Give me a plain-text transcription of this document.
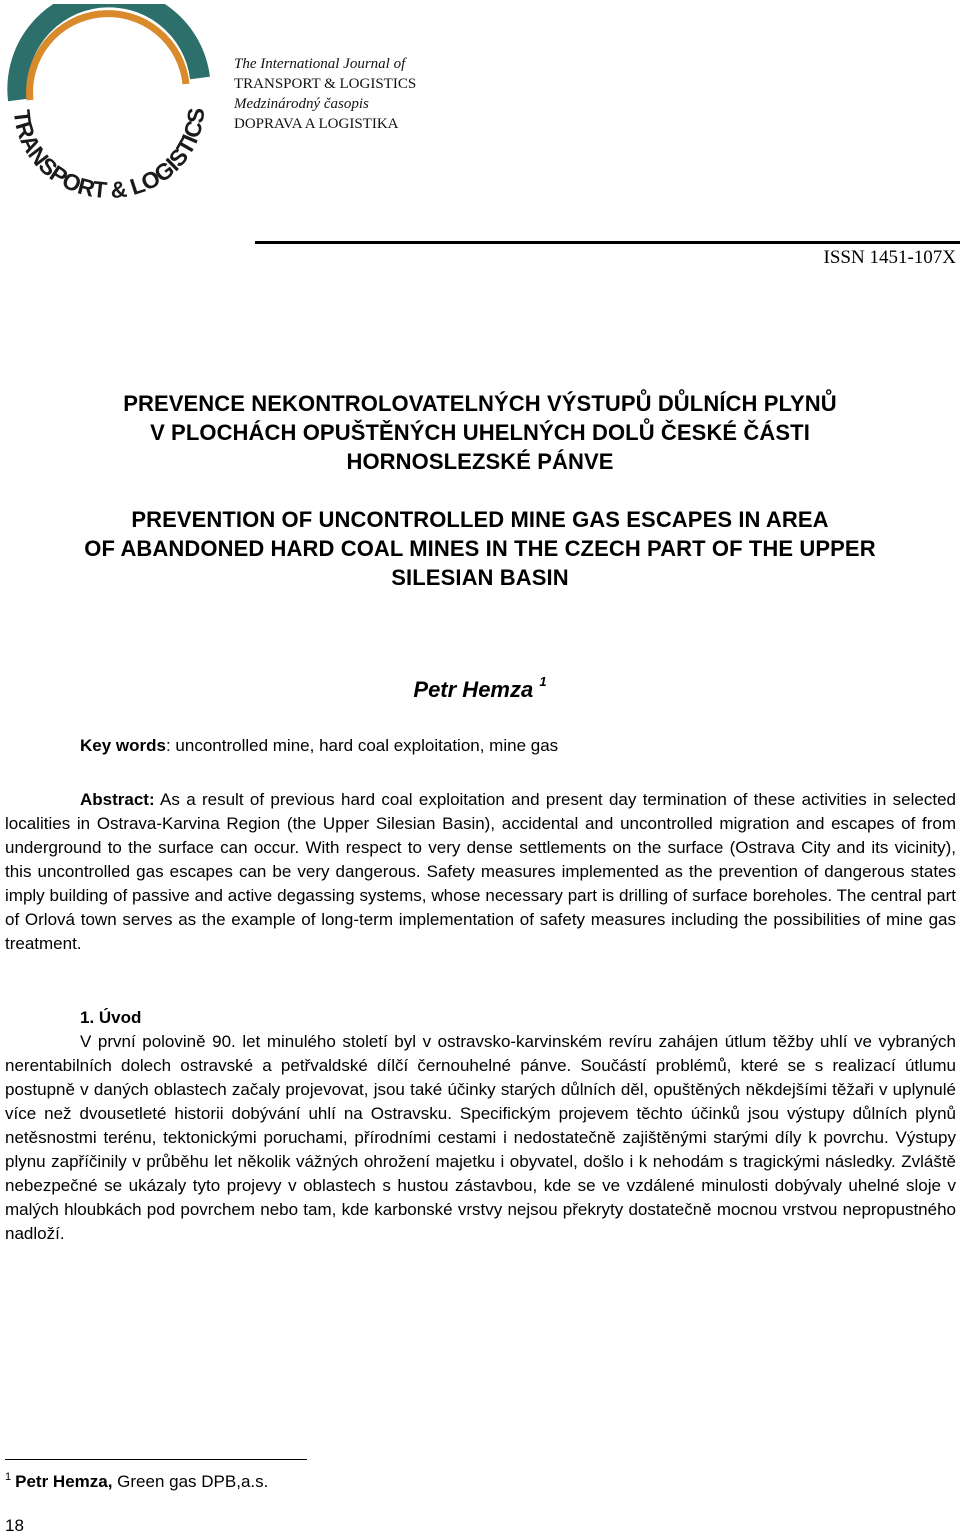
TRANSPORT & LOGISTICS
The International Journal of
TRANSPORT & LOGISTICS
Medzinárodný časopis
DOPRAVA A LOGISTIKA
ISSN 1451-107X
PREVENCE NEKONTROLOVATELNÝCH VÝSTUPŮ DŮLNÍCH PLYNŮ
V PLOCHÁCH OPUŠTĚNÝCH UHELNÝCH DOLŮ ČESKÉ ČÁSTI
HORNOSLEZSKÉ PÁNVE
PREVENTION OF UNCONTROLLED MINE GAS ESCAPES IN AREA
OF ABANDONED HARD COAL MINES IN THE CZECH PART OF THE UPPER
SILESIAN BASIN
Petr Hemza $^1$
Key words: uncontrolled mine, hard coal exploitation, mine gas
Abstract: As a result of previous hard coal exploitation and present day termination of these activities in selected localities in Ostrava-Karvina Region (the Upper Silesian Basin), accidental and uncontrolled migration and escapes of from underground to the surface can occur. With respect to very dense settlements on the surface (Ostrava City and its vicinity), this uncontrolled gas escapes can be very dangerous. Safety measures implemented as the prevention of dangerous states imply building of passive and active degassing systems, whose necessary part is drilling of surface boreholes. The central part of Orlová town serves as the example of long-term implementation of safety measures including the possibilities of mine gas treatment.
1. Úvod
V první polovině 90. let minulého století byl v ostravsko-karvinském revíru zahájen útlum těžby uhlí ve vybraných nerentabilních dolech ostravské a petřvaldské dílčí černouhelné pánve. Součástí problémů, které se s realizací útlumu postupně v daných oblastech začaly projevovat, jsou také účinky starých důlních děl, opuštěných někdejšími těžaři v uplynulé více než dvousetleté historii dobývání uhlí na Ostravsku. Specifickým projevem těchto účinků jsou výstupy důlních plynů netěsnostmi terénu, tektonickými poruchami, přírodními cestami i nedostatečně zajištěnými starými díly k povrchu. Výstupy plynu zapříčinily v průběhu let několik vážných ohrožení majetku i obyvatel, došlo i k nehodám s tragickými následky. Zvláště nebezpečné se ukázaly tyto projevy v oblastech s hustou zástavbou, kde se ve vzdálené minulosti dobývaly uhelné sloje v malých hloubkách pod povrchem nebo tam, kde karbonské vrstvy nejsou překryty dostatečně mocnou vrstvou nepropustného nadloží.
$^1$ Petr Hemza, Green gas DPB,a.s.
18
